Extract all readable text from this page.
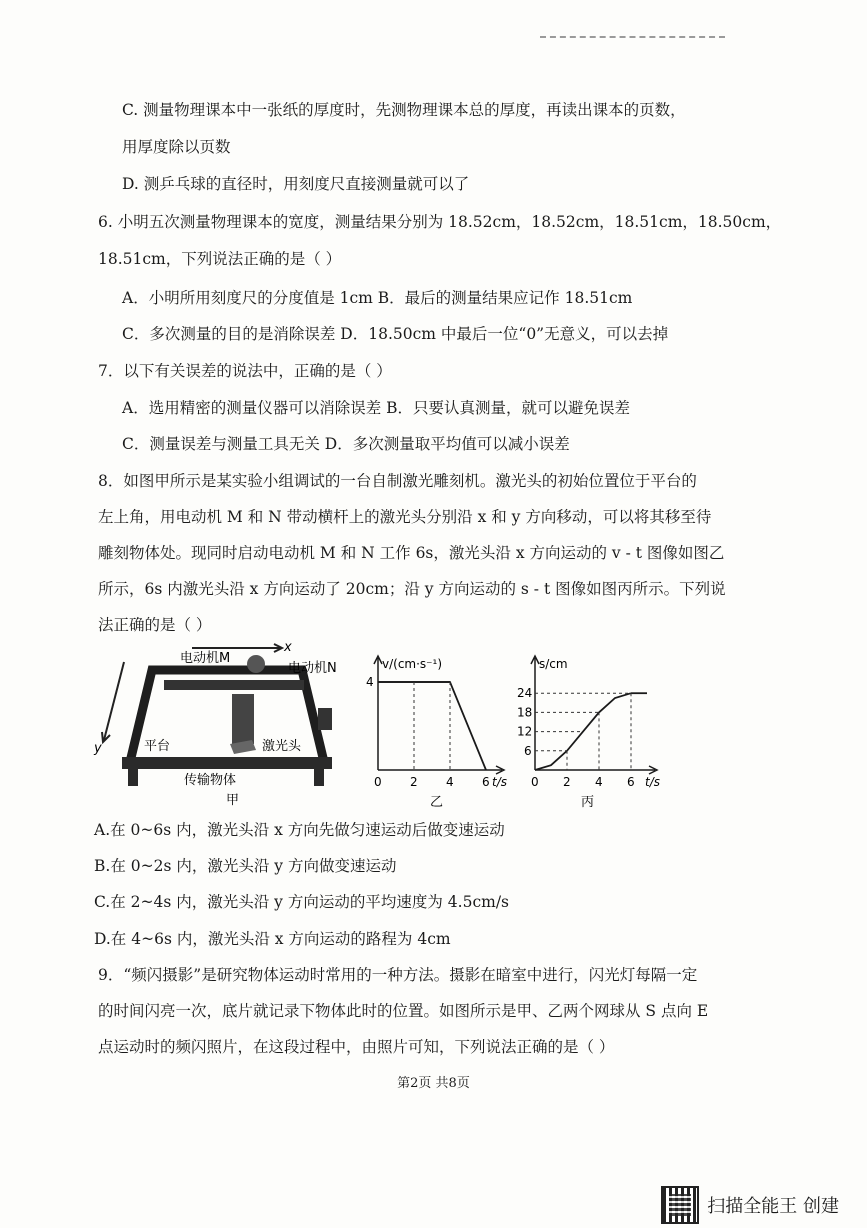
C. 测量物理课本中一张纸的厚度时，先测物理课本总的厚度，再读出课本的页数，
用厚度除以页数
D. 测乒乓球的直径时，用刻度尺直接测量就可以了
6. 小明五次测量物理课本的宽度，测量结果分别为 18.52cm，18.52cm，18.51cm，18.50cm，
18.51cm，下列说法正确的是（ ）
A．小明所用刻度尺的分度值是 1cm B．最后的测量结果应记作 18.51cm
C．多次测量的目的是消除误差 D．18.50cm 中最后一位“0”无意义，可以去掉
7．以下有关误差的说法中，正确的是（ ）
A．选用精密的测量仪器可以消除误差 B．只要认真测量，就可以避免误差
C．测量误差与测量工具无关 D．多次测量取平均值可以减小误差
8．如图甲所示是某实验小组调试的一台自制激光雕刻机。激光头的初始位置位于平台的
左上角，用电动机 M 和 N 带动横杆上的激光头分别沿 x 和 y 方向移动，可以将其移至待
雕刻物体处。现同时启动电动机 M 和 N 工作 6s，激光头沿 x 方向运动的 v - t 图像如图乙
所示，6s 内激光头沿 x 方向运动了 20cm；沿 y 方向运动的 s - t 图像如图丙所示。下列说
法正确的是（ ）
A.在 0~6s 内，激光头沿 x 方向先做匀速运动后做变速运动
B.在 0~2s 内，激光头沿 y 方向做变速运动
C.在 2~4s 内，激光头沿 y 方向运动的平均速度为 4.5cm/s
D.在 4~6s 内，激光头沿 x 方向运动的路程为 4cm
9．“频闪摄影”是研究物体运动时常用的一种方法。摄影在暗室中进行，闪光灯每隔一定
的时间闪亮一次，底片就记录下物体此时的位置。如图所示是甲、乙两个网球从 S 点向 E
点运动时的频闪照片，在这段过程中，由照片可知，下列说法正确的是（ ）
电动机M
电动机N
激光头
平台
传输物体
x
y
甲
4
0 2 4 6
v/(cm·s⁻¹)
t/s
乙
6
12
18
24
0 2 4 6
s/cm
t/s
丙
第2页 共8页
扫描全能王 创建
